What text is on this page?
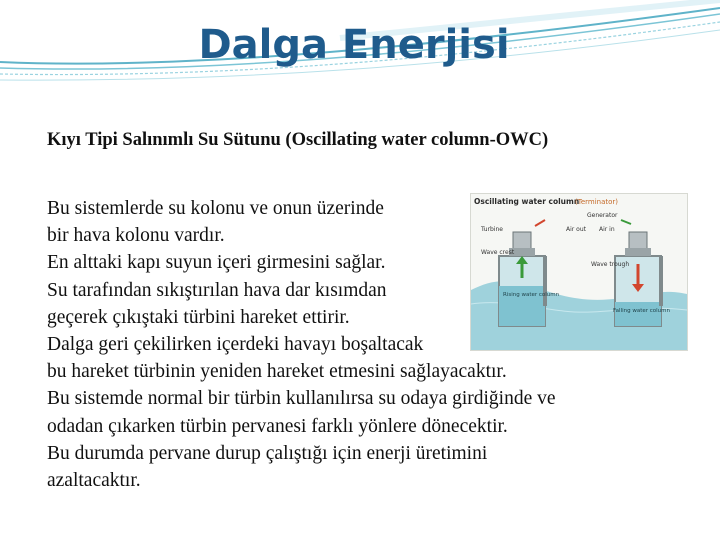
Dalga Enerjisi
Kıyı Tipi Salınımlı Su Sütunu (Oscillating water column-OWC)
Bu sistemlerde su kolonu ve onun üzerinde
bir hava kolonu vardır.
En alttaki kapı suyun içeri girmesini sağlar.
Su tarafından sıkıştırılan hava dar kısımdan
geçerek çıkıştaki türbini hareket ettirir.
Dalga geri çekilirken içerdeki havayı boşaltacak
bu hareket türbinin yeniden hareket etmesini sağlayacaktır.
Bu sistemde normal bir türbin kullanılırsa su odaya girdiğinde ve
odadan çıkarken türbin pervanesi farklı yönlere dönecektir.
Bu durumda pervane durup çalıştığı için enerji üretimini
azaltacaktır.
Oscillating water column
(Terminator)
Generator
Turbine	Air out Air in
Wave crest
Wave trough
Rising water column
Falling water column
